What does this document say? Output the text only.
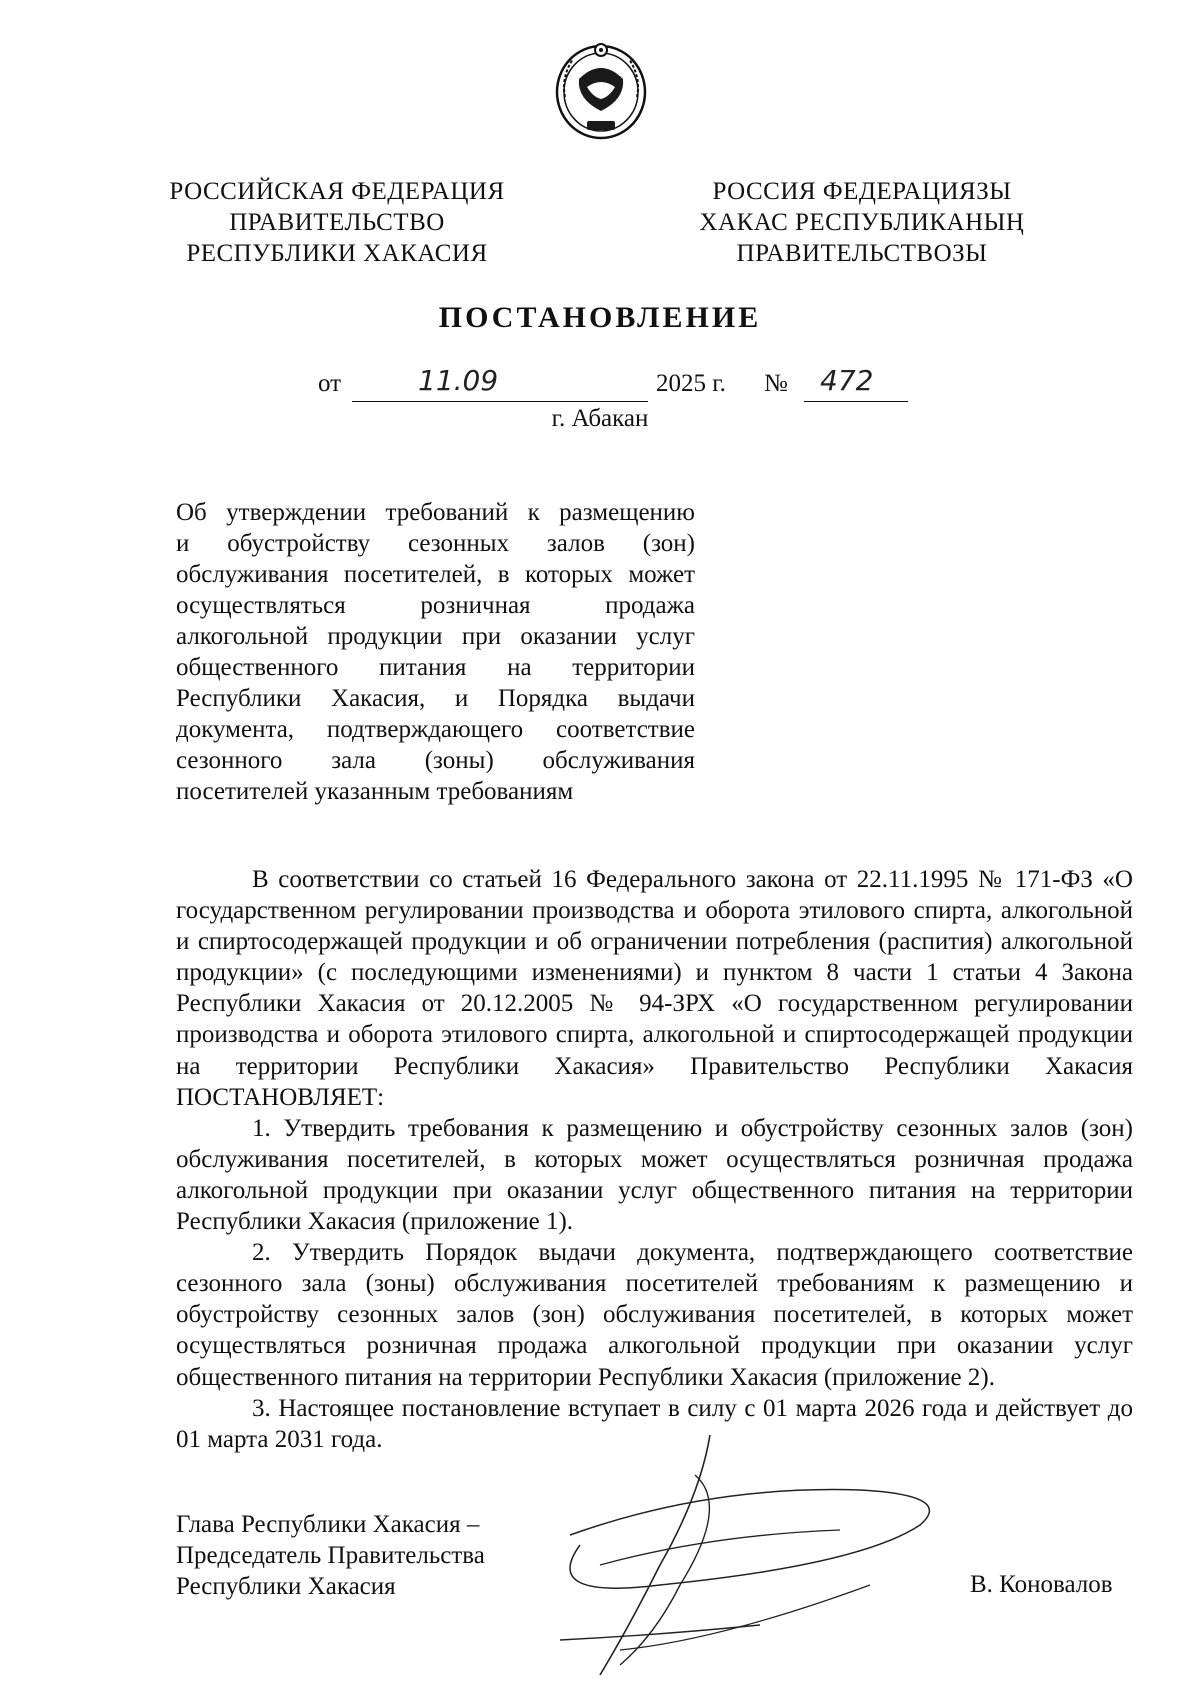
РОССИЙСКАЯ ФЕДЕРАЦИЯ
ПРАВИТЕЛЬСТВО
РЕСПУБЛИКИ ХАКАСИЯ
РОССИЯ ФЕДЕРАЦИЯЗЫ
ХАКАС РЕСПУБЛИКАНЫҢ
ПРАВИТЕЛЬСТВОЗЫ
ПОСТАНОВЛЕНИЕ
от	11.09	2025 г. № 472
г. Абакан
Об утверждении требований к размещению
и обустройству сезонных залов (зон)
обслуживания посетителей, в которых может
осуществляться розничная продажа
алкогольной продукции при оказании услуг
общественного питания на территории
Республики Хакасия, и Порядка выдачи
документа, подтверждающего соответствие
сезонного зала (зоны) обслуживания
посетителей указанным требованиям

В соответствии со статьей 16 Федерального закона от 22.11.1995 № 171-ФЗ «О государственном регулировании производства и оборота этилового спирта, алкогольной и спиртосодержащей продукции и об ограничении потребления (распития) алкогольной продукции» (с последующими изменениями) и пунктом 8 части 1 статьи 4 Закона Республики Хакасия от 20.12.2005 № 94-ЗРХ «О государственном регулировании производства и оборота этилового спирта, алкогольной и спиртосодержащей продукции на территории Республики Хакасия» Правительство Республики Хакасия ПОСТАНОВЛЯЕТ:

1. Утвердить требования к размещению и обустройству сезонных залов (зон) обслуживания посетителей, в которых может осуществляться розничная продажа алкогольной продукции при оказании услуг общественного питания на территории Республики Хакасия (приложение 1).

2. Утвердить Порядок выдачи документа, подтверждающего соответствие сезонного зала (зоны) обслуживания посетителей требованиям к размещению и обустройству сезонных залов (зон) обслуживания посетителей, в которых может осуществляться розничная продажа алкогольной продукции при оказании услуг общественного питания на территории Республики Хакасия (приложение 2).

3. Настоящее постановление вступает в силу с 01 марта 2026 года и действует до 01 марта 2031 года.

Глава Республики Хакасия –
Председатель Правительства
Республики Хакасия	В. Коновалов
